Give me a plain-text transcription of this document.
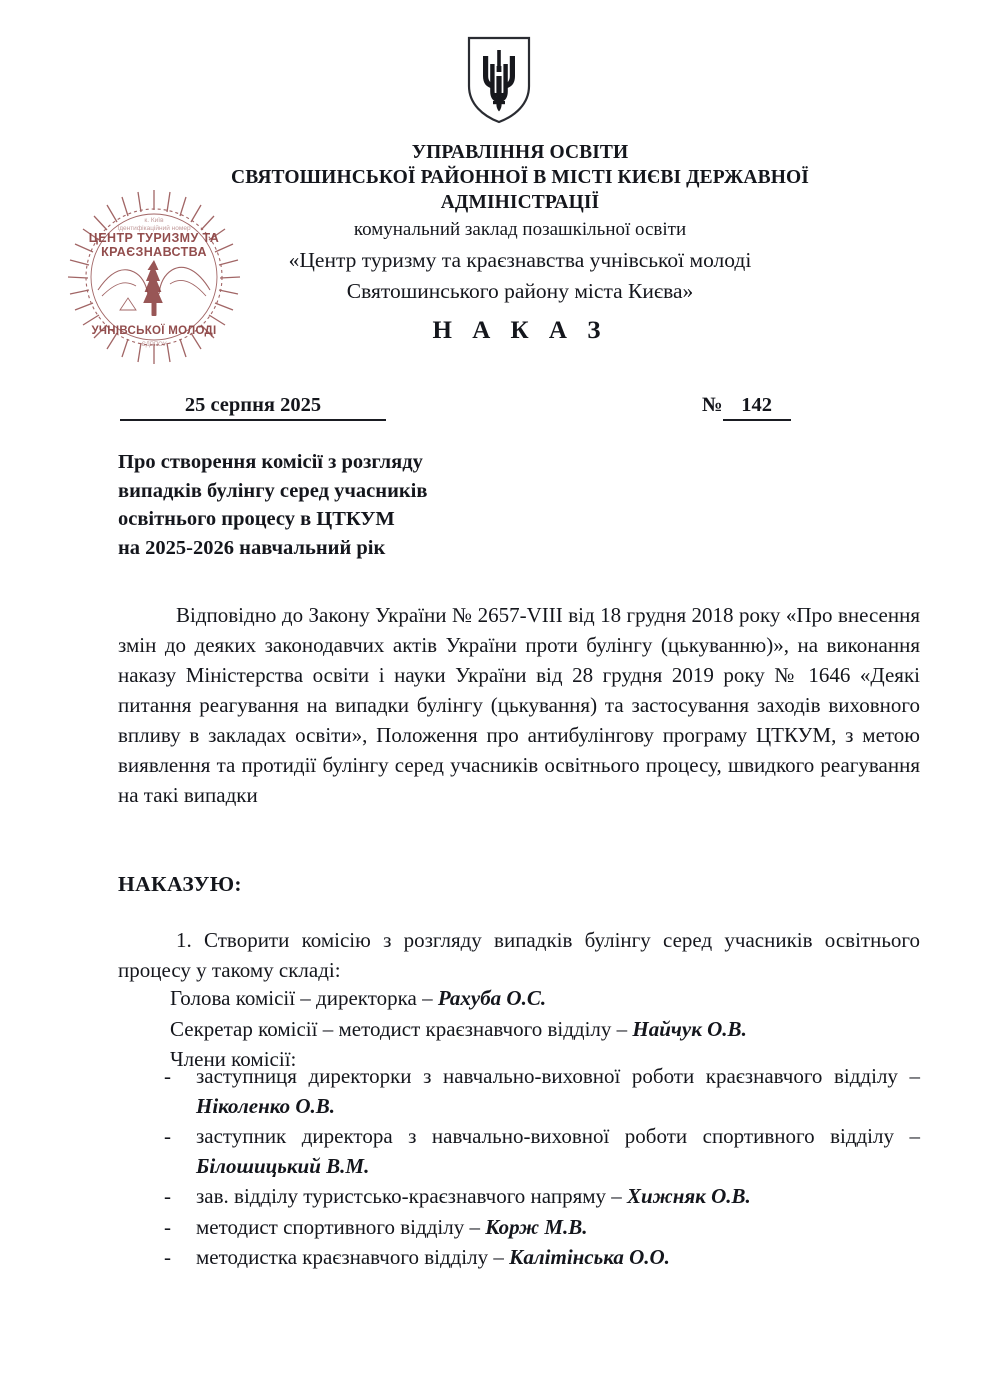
ЦЕНТР ТУРИЗМУ ТА
КРАЄЗНАВСТВА
УЧНІВСЬКОЇ МОЛОДІ
к. Київ
Ідентифікаційний номер
ЄДРПОУ
УПРАВЛІННЯ ОСВІТИ
СВЯТОШИНСЬКОЇ РАЙОННОЇ В МІСТІ КИЄВІ ДЕРЖАВНОЇ
АДМІНІСТРАЦІЇ
комунальний заклад позашкільної освіти
«Центр туризму та краєзнавства учнівської молоді
Святошинського району міста Києва»
Н А К А З
25 серпня 2025	№ 142
Про створення комісії з розгляду
випадків булінгу серед учасників
освітнього процесу в ЦТКУМ
на 2025-2026 навчальний рік
Відповідно до Закону України № 2657-VIII від 18 грудня 2018 року «Про внесення змін до деяких законодавчих актів України проти булінгу (цькуванню)», на виконання наказу Міністерства освіти і науки України від 28 грудня 2019 року № 1646 «Деякі питання реагування на випадки булінгу (цькування) та застосування заходів виховного впливу в закладах освіти», Положення про антибулінгову програму ЦТКУМ, з метою виявлення та протидії булінгу серед учасників освітнього процесу, швидкого реагування на такі випадки
НАКАЗУЮ:
1. Створити комісію з розгляду випадків булінгу серед учасників освітнього процесу у такому складі:
Голова комісії – директорка – Рахуба О.С.
Секретар комісії – методист краєзнавчого відділу – Найчук О.В.
Члени комісії:
- заступниця директорки з навчально-виховної роботи краєзнавчого відділу – Ніколенко О.В.
- заступник директора з навчально-виховної роботи спортивного відділу – Білошицький В.М.
- зав. відділу туристсько-краєзнавчого напряму – Хижняк О.В.
- методист спортивного відділу – Корж М.В.
- методистка краєзнавчого відділу – Калітінська О.О.
